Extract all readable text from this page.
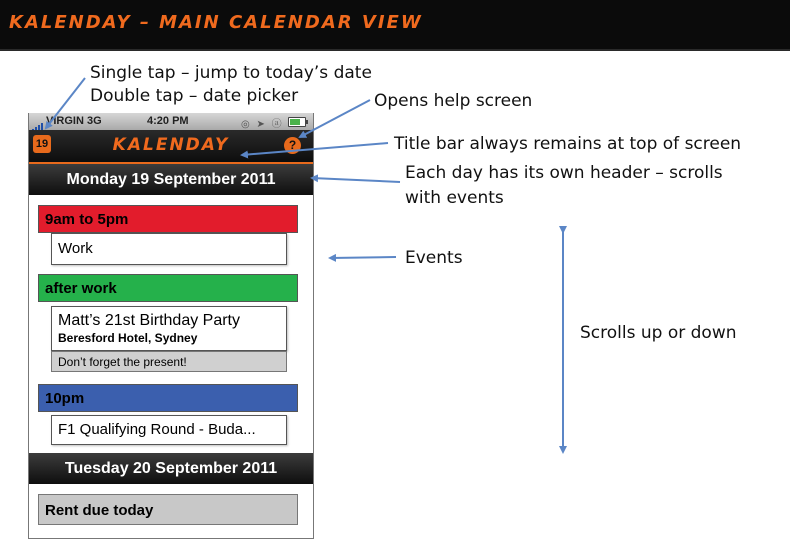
KALENDAY – MAIN CALENDAR VIEW
Single tap – jump to today’s date
Double tap – date picker	Opens help screen
Title bar always remains at top of screen
Each day has its own header – scrolls
with events
Events
Scrolls up or down
VIRGIN 3G	4:20 PM	◎ ➤ ⓐ
19	KALENDAY	?
Monday 19 September 2011
9am to 5pm
Work
after work
Matt’s 21st Birthday Party
Beresford Hotel, Sydney
Don’t forget the present!
10pm
F1 Qualifying Round - Buda...
Tuesday 20 September 2011
Rent due today
